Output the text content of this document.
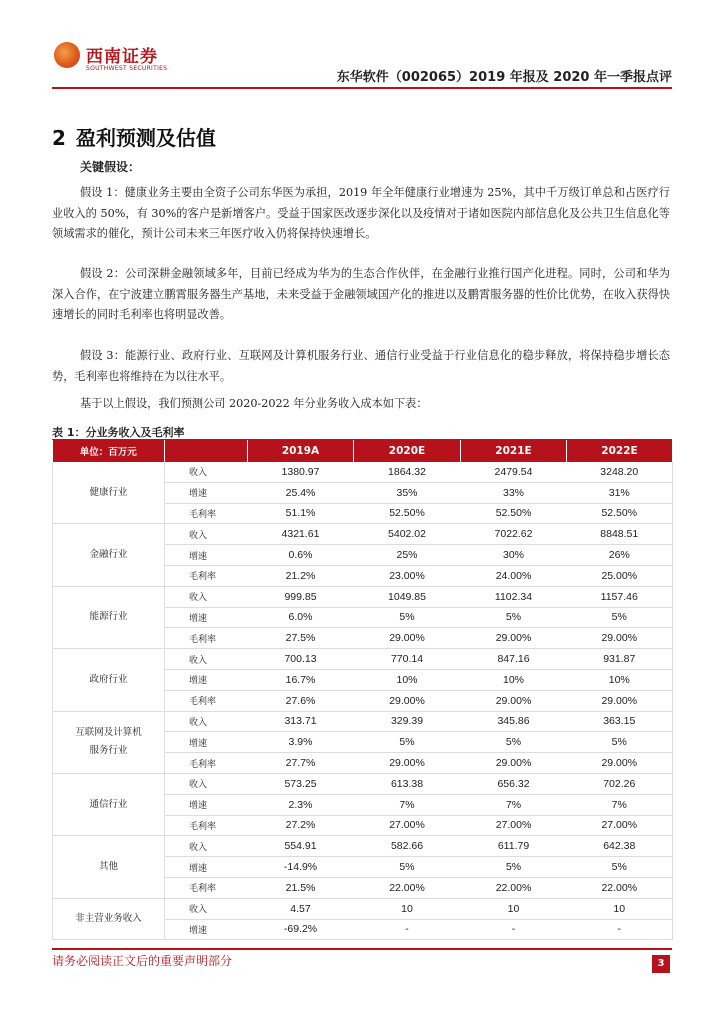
西南证券
SOUTHWEST SECURITIES
东华软件（002065）2019 年报及 2020 年一季报点评
2 盈利预测及估值
关键假设：
假设 1：健康业务主要由全资子公司东华医为承担，2019 年全年健康行业增速为 25%，其中千万级订单总和占医疗行业收入的 50%，有 30%的客户是新增客户。受益于国家医改逐步深化以及疫情对于诸如医院内部信息化及公共卫生信息化等领域需求的催化，预计公司未来三年医疗收入仍将保持快速增长。
假设 2：公司深耕金融领域多年，目前已经成为华为的生态合作伙伴，在金融行业推行国产化进程。同时，公司和华为深入合作，在宁波建立鹏霄服务器生产基地，未来受益于金融领域国产化的推进以及鹏霄服务器的性价比优势，在收入获得快速增长的同时毛利率也将明显改善。
假设 3：能源行业、政府行业、互联网及计算机服务行业、通信行业受益于行业信息化的稳步释放，将保持稳步增长态势，毛利率也将维持在为以往水平。
基于以上假设，我们预测公司 2020-2022 年分业务收入成本如下表：
表 1：分业务收入及毛利率
单位：百万元		2019A	2020E	2021E	2022E
健康行业	收入	1380.97	1864.32	2479.54	3248.20
	增速	25.4%	35%	33%	31%
	毛利率	51.1%	52.50%	52.50%	52.50%
金融行业	收入	4321.61	5402.02	7022.62	8848.51
	增速	0.6%	25%	30%	26%
	毛利率	21.2%	23.00%	24.00%	25.00%
能源行业	收入	999.85	1049.85	1102.34	1157.46
	增速	6.0%	5%	5%	5%
	毛利率	27.5%	29.00%	29.00%	29.00%
政府行业	收入	700.13	770.14	847.16	931.87
	增速	16.7%	10%	10%	10%
	毛利率	27.6%	29.00%	29.00%	29.00%
互联网及计算机
服务行业	收入	313.71	329.39	345.86	363.15
	增速	3.9%	5%	5%	5%
	毛利率	27.7%	29.00%	29.00%	29.00%
通信行业	收入	573.25	613.38	656.32	702.26
	增速	2.3%	7%	7%	7%
	毛利率	27.2%	27.00%	27.00%	27.00%
其他	收入	554.91	582.66	611.79	642.38
	增速	-14.9%	5%	5%	5%
	毛利率	21.5%	22.00%	22.00%	22.00%
非主营业务收入	收入	4.57	10	10	10
	增速	-69.2%	-	-	-
请务必阅读正文后的重要声明部分	3
